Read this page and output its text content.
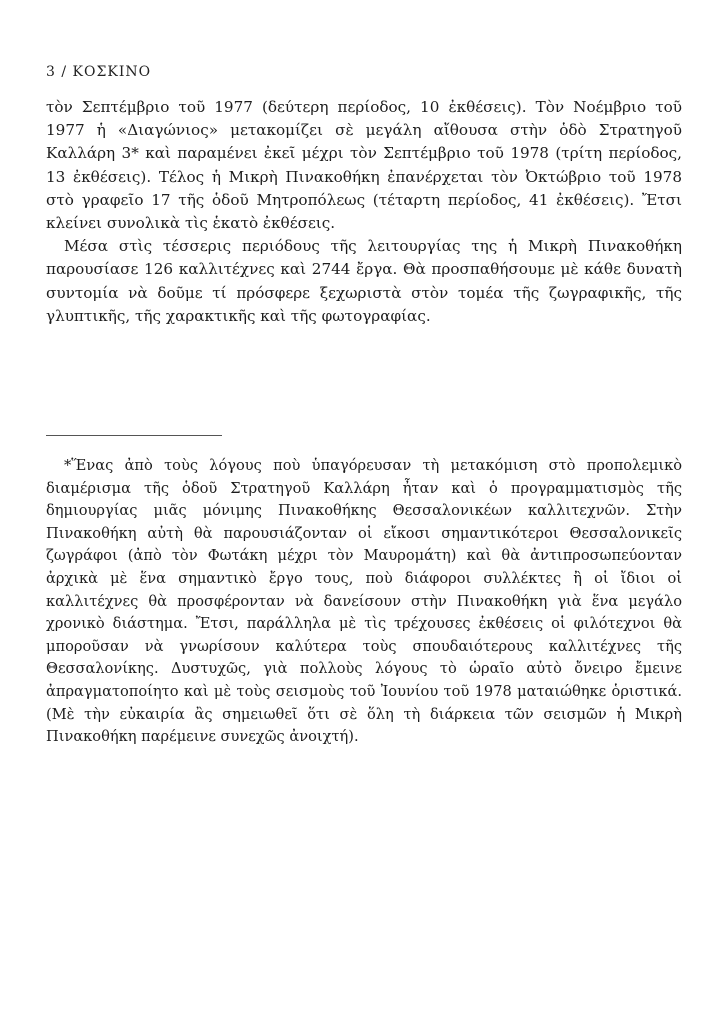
3 / ΚΟΣΚΙΝΟ

τὸν Σεπτέμβριο τοῦ 1977 (δεύτερη περίοδος, 10 ἐκθέσεις). Τὸν Νοέμβριο τοῦ 1977 ἡ «Διαγώνιος» μετακομίζει σὲ μεγάλη αἴθουσα στὴν ὁδὸ Στρατηγοῦ Καλλάρη 3* καὶ παραμένει ἐκεῖ μέχρι τὸν Σεπτέμβριο τοῦ 1978 (τρίτη περίοδος, 13 ἐκθέσεις). Τέλος ἡ Μικρὴ Πινακοθήκη ἐπανέρχεται τὸν Ὀκτώβριο τοῦ 1978 στὸ γραφεῖο 17 τῆς ὁδοῦ Μητροπόλεως (τέταρτη περίοδος, 41 ἐκθέσεις). Ἔτσι κλείνει συνολικὰ τὶς ἑκατὸ ἐκθέσεις.

Μέσα στὶς τέσσερις περιόδους τῆς λειτουργίας της ἡ Μικρὴ Πινακοθήκη παρουσίασε 126 καλλιτέχνες καὶ 2744 ἔργα. Θὰ προσπαθήσουμε μὲ κάθε δυνατὴ συντομία νὰ δοῦμε τί πρόσφερε ξεχωριστὰ στὸν τομέα τῆς ζωγραφικῆς, τῆς γλυπτικῆς, τῆς χαρακτικῆς καὶ τῆς φωτογραφίας.

*Ἕνας ἀπὸ τοὺς λόγους ποὺ ὑπαγόρευσαν τὴ μετακόμιση στὸ προπολεμικὸ διαμέρισμα τῆς ὁδοῦ Στρατηγοῦ Καλλάρη ἦταν καὶ ὁ προγραμματισμὸς τῆς δημιουργίας μιᾶς μόνιμης Πινακοθήκης Θεσσαλονικέων καλλιτεχνῶν. Στὴν Πινακοθήκη αὐτὴ θὰ παρουσιάζονταν οἱ εἴκοσι σημαντικότεροι Θεσσαλονικεῖς ζωγράφοι (ἀπὸ τὸν Φωτάκη μέχρι τὸν Μαυρομάτη) καὶ θὰ ἀντιπροσωπεύονταν ἀρχικὰ μὲ ἕνα σημαντικὸ ἔργο τους, ποὺ διάφοροι συλλέκτες ἢ οἱ ἴδιοι οἱ καλλιτέχνες θὰ προσφέρονταν νὰ δανείσουν στὴν Πινακοθήκη γιὰ ἕνα μεγάλο χρονικὸ διάστημα. Ἔτσι, παράλληλα μὲ τὶς τρέχουσες ἐκθέσεις οἱ φιλότεχνοι θὰ μποροῦσαν νὰ γνωρίσουν καλύτερα τοὺς σπουδαιότερους καλλιτέχνες τῆς Θεσσαλονίκης. Δυστυχῶς, γιὰ πολλοὺς λόγους τὸ ὡραῖο αὐτὸ ὄνειρο ἔμεινε ἀπραγματοποίητο καὶ μὲ τοὺς σεισμοὺς τοῦ Ἰουνίου τοῦ 1978 ματαιώθηκε ὁριστικά. (Μὲ τὴν εὐκαιρία ἂς σημειωθεῖ ὅτι σὲ ὅλη τὴ διάρκεια τῶν σεισμῶν ἡ Μικρὴ Πινακοθήκη παρέμεινε συνεχῶς ἀνοιχτή).
